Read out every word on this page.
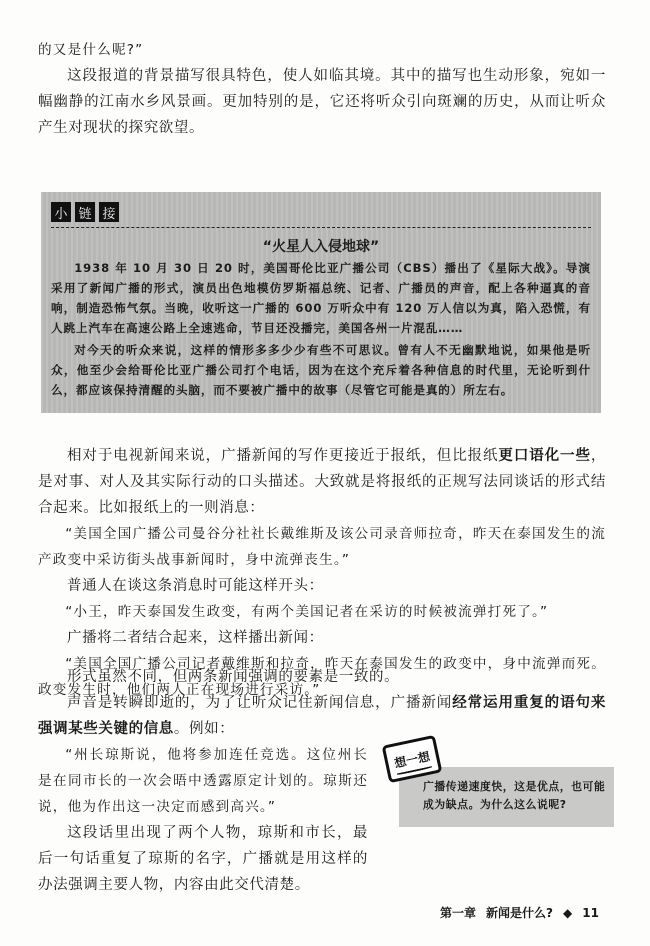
的又是什么呢?”

这段报道的背景描写很具特色，使人如临其境。其中的描写也生动形象，宛如一幅幽静的江南水乡风景画。更加特别的是，它还将听众引向斑斓的历史，从而让听众产生对现状的探究欲望。

小 链 接
“火星人入侵地球”

1938 年 10 月 30 日 20 时，美国哥伦比亚广播公司（CBS）播出了《星际大战》。导演采用了新闻广播的形式，演员出色地模仿罗斯福总统、记者、广播员的声音，配上各种逼真的音响，制造恐怖气氛。当晚，收听这一广播的 600 万听众中有 120 万人信以为真，陷入恐慌，有人跳上汽车在高速公路上全速逃命，节目还没播完，美国各州一片混乱……

对今天的听众来说，这样的情形多多少少有些不可思议。曾有人不无幽默地说，如果他是听众，他至少会给哥伦比亚广播公司打个电话，因为在这个充斥着各种信息的时代里，无论听到什么，都应该保持清醒的头脑，而不要被广播中的故事（尽管它可能是真的）所左右。

相对于电视新闻来说，广播新闻的写作更接近于报纸，但比报纸更口语化一些，是对事、对人及其实际行动的口头描述。大致就是将报纸的正规写法同谈话的形式结合起来。比如报纸上的一则消息：

“美国全国广播公司曼谷分社社长戴维斯及该公司录音师拉奇，昨天在泰国发生的流产政变中采访街头战事新闻时，身中流弹丧生。”

普通人在谈这条消息时可能这样开头：

“小王，昨天泰国发生政变，有两个美国记者在采访的时候被流弹打死了。”

广播将二者结合起来，这样播出新闻：

“美国全国广播公司记者戴维斯和拉奇，昨天在泰国发生的政变中，身中流弹而死。政变发生时，他们两人正在现场进行采访。”

形式虽然不同，但两条新闻强调的要素是一致的。

声音是转瞬即逝的，为了让听众记住新闻信息，广播新闻经常运用重复的语句来强调某些关键的信息。例如：

“州长琼斯说，他将参加连任竞选。这位州长是在同市长的一次会晤中透露原定计划的。琼斯还说，他为作出这一决定而感到高兴。”

这段话里出现了两个人物，琼斯和市长，最后一句话重复了琼斯的名字，广播就是用这样的办法强调主要人物，内容由此交代清楚。

广播传递速度快，这是优点，也可能成为缺点。为什么这么说呢?

想一想
第一章 新闻是什么? ◆ 11
